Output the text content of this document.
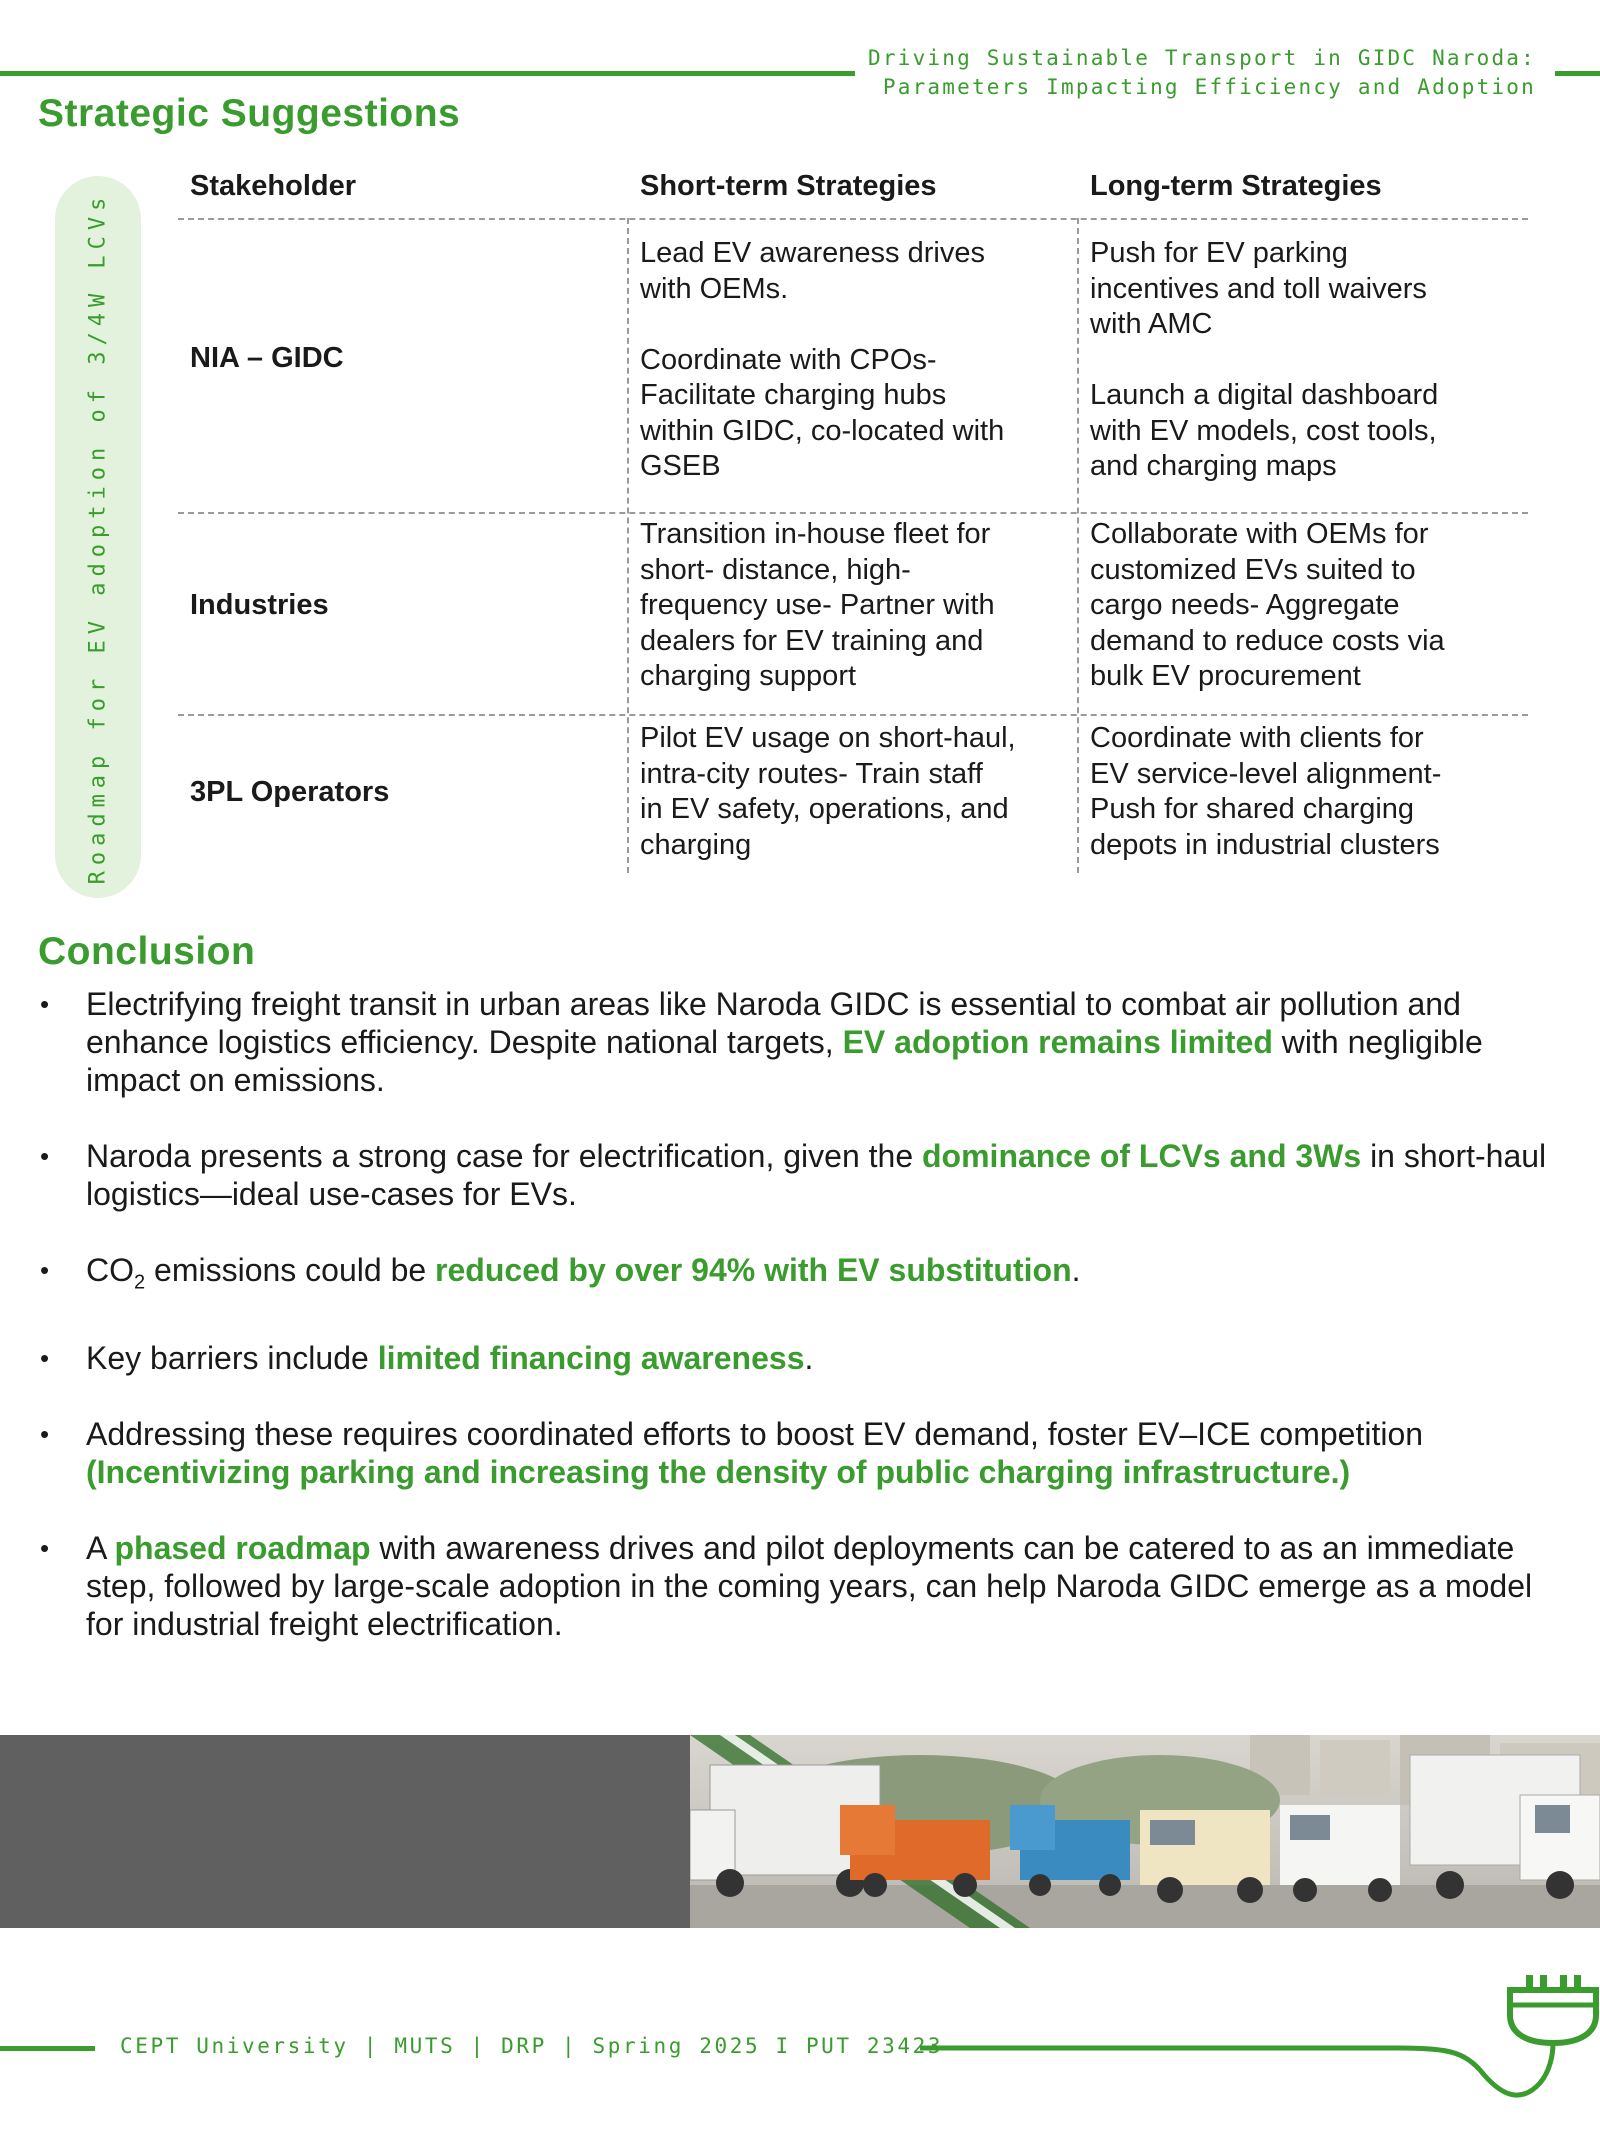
Driving Sustainable Transport in GIDC Naroda:
Parameters Impacting Efficiency and Adoption
Strategic Suggestions
Roadmap for EV adoption of 3/4W LCVs
Stakeholder	Short-term Strategies	Long-term Strategies
NIA – GIDC
Lead EV awareness drives
with OEMs.
Coordinate with CPOs-
Facilitate charging hubs
within GIDC, co-located with
GSEB
Push for EV parking
incentives and toll waivers
with AMC
Launch a digital dashboard
with EV models, cost tools,
and charging maps
Industries
Transition in-house fleet for
short- distance, high-
frequency use- Partner with
dealers for EV training and
charging support
Collaborate with OEMs for
customized EVs suited to
cargo needs- Aggregate
demand to reduce costs via
bulk EV procurement
3PL Operators
Pilot EV usage on short-haul,
intra-city routes- Train staff
in EV safety, operations, and
charging
Coordinate with clients for
EV service-level alignment-
Push for shared charging
depots in industrial clusters
Conclusion
• Electrifying freight transit in urban areas like Naroda GIDC is essential to combat air pollution and enhance logistics efficiency. Despite national targets, EV adoption remains limited with negligible impact on emissions.
• Naroda presents a strong case for electrification, given the dominance of LCVs and 3Ws in short-haul logistics—ideal use-cases for EVs.
• $CO_2$ emissions could be reduced by over 94% with EV substitution.
• Key barriers include limited financing awareness.
• Addressing these requires coordinated efforts to boost EV demand, foster EV–ICE competition (Incentivizing parking and increasing the density of public charging infrastructure.)
• A phased roadmap with awareness drives and pilot deployments can be catered to as an immediate step, followed by large-scale adoption in the coming years, can help Naroda GIDC emerge as a model for industrial freight electrification.
CEPT University | MUTS | DRP | Spring 2025 I PUT 23423
